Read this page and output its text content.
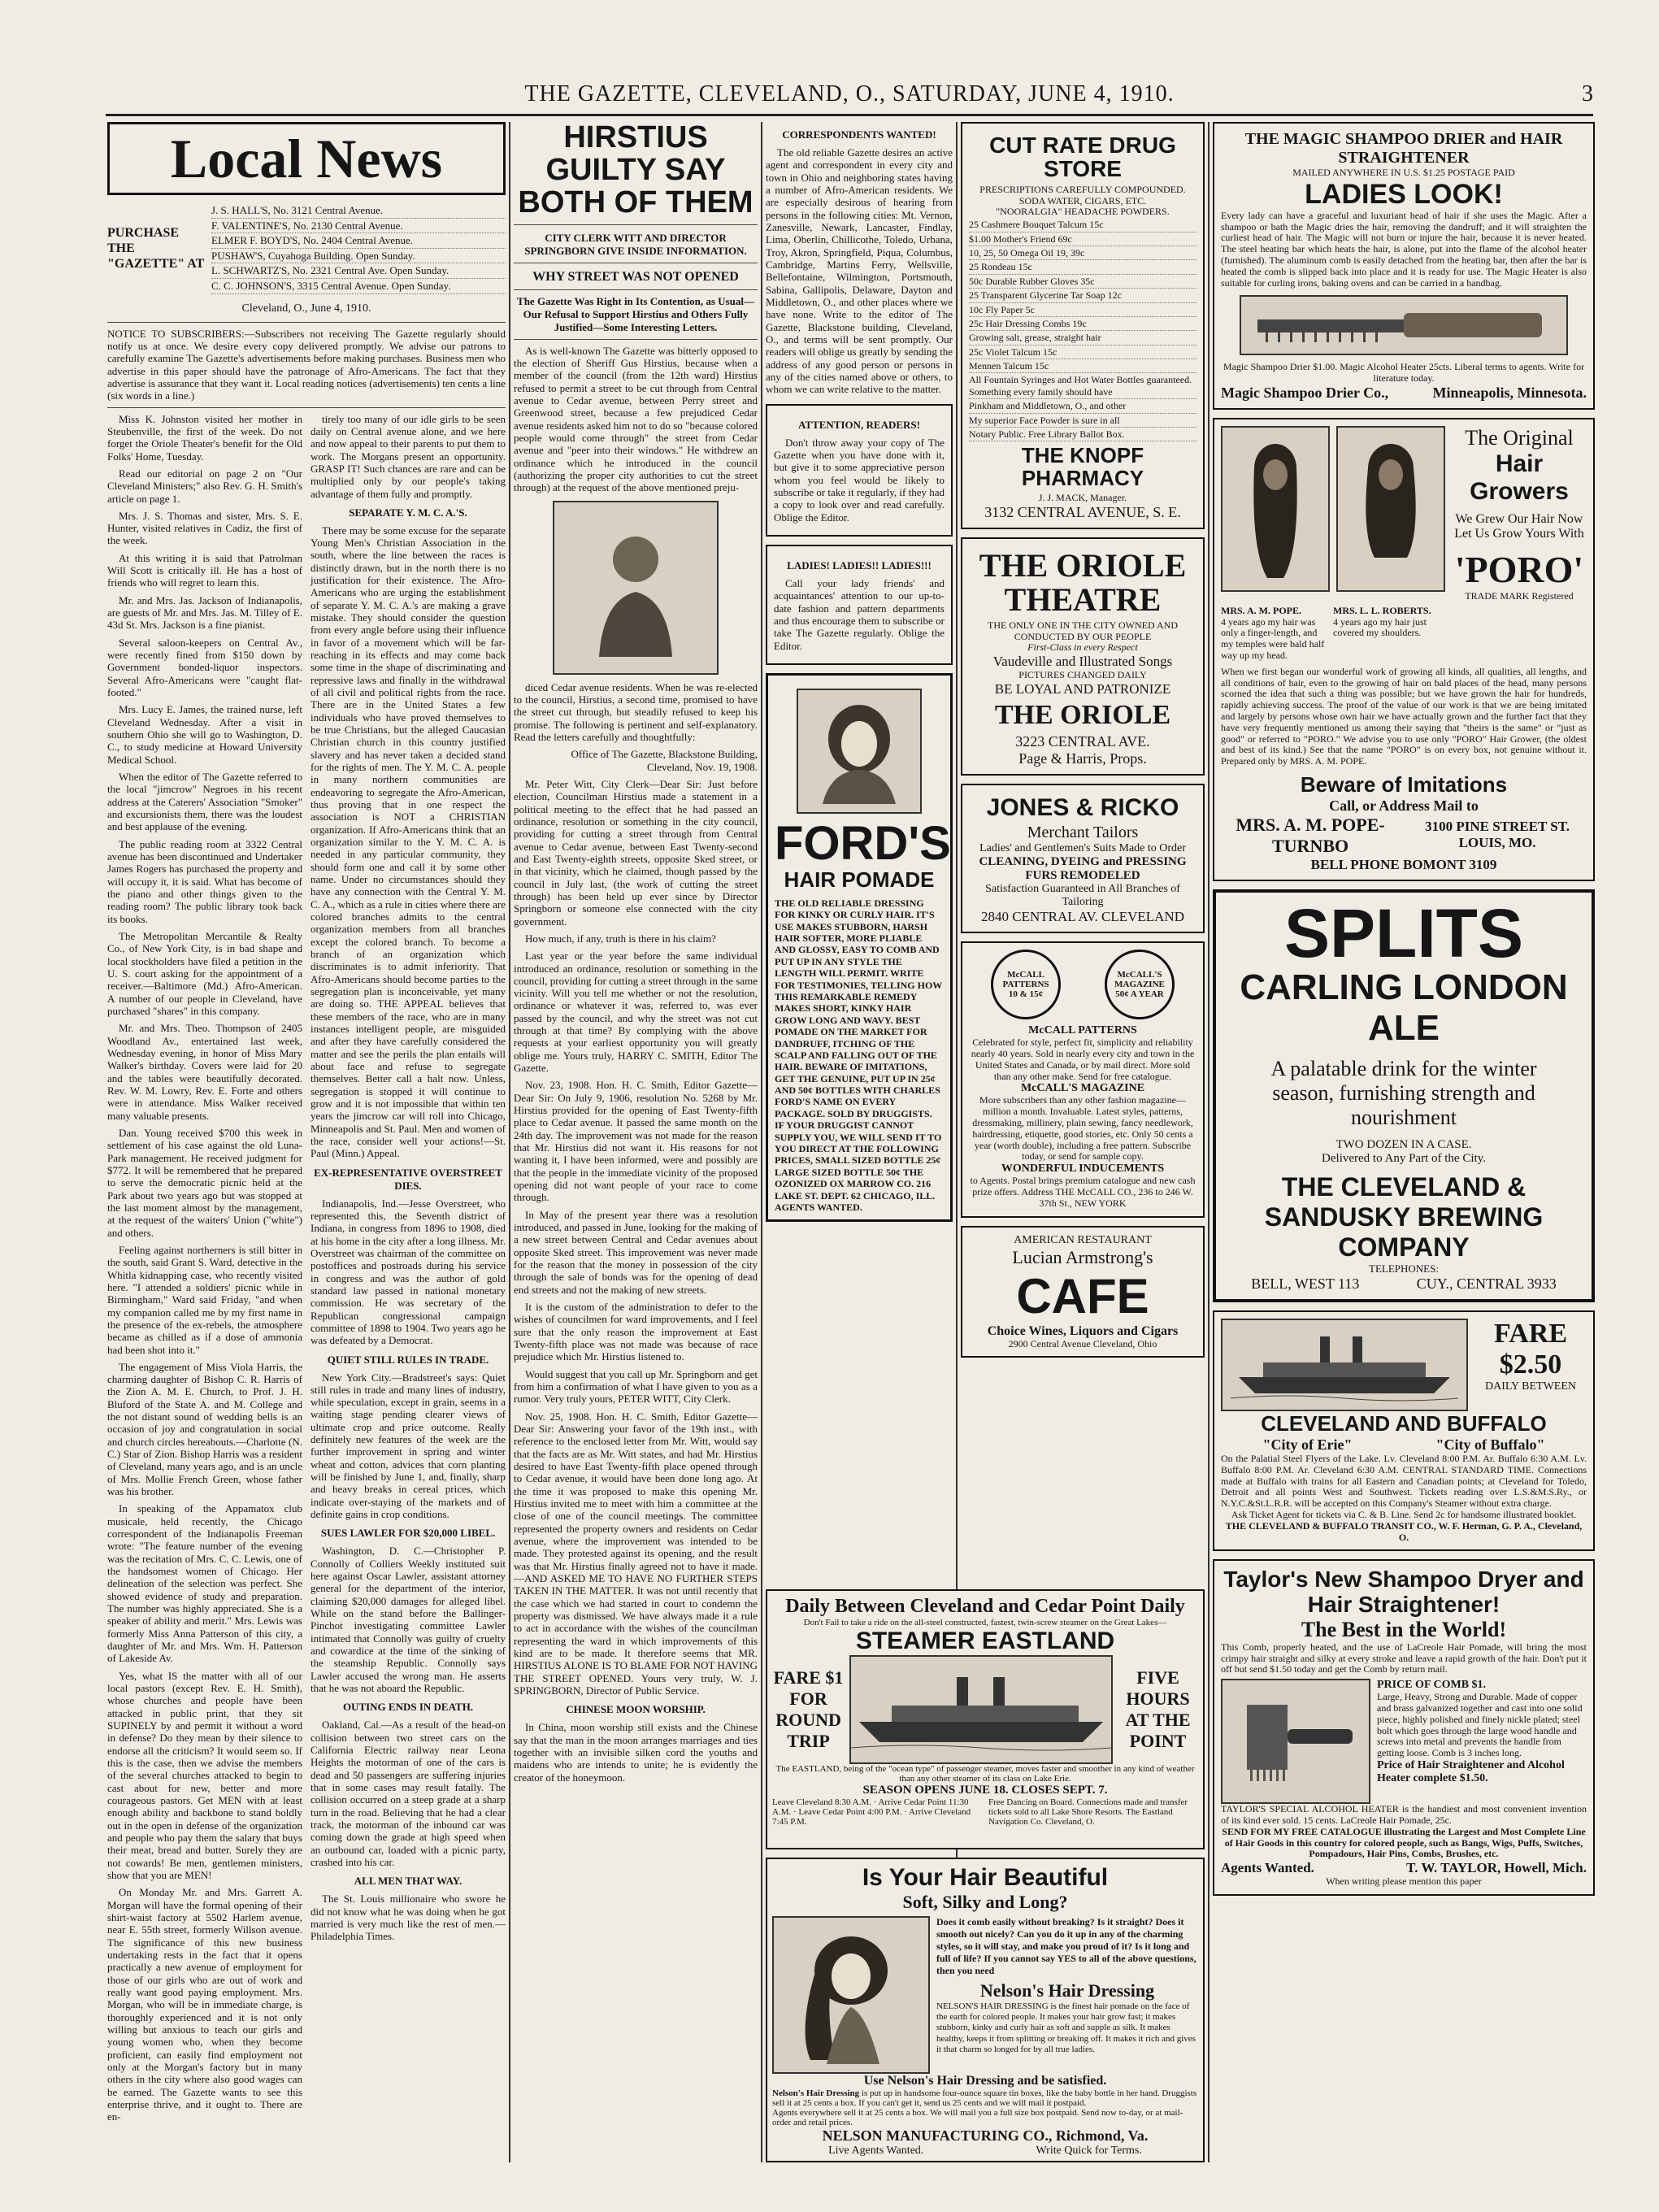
THE GAZETTE, CLEVELAND, O., SATURDAY, JUNE 4, 1910.	3
Local News
PURCHASE THE "GAZETTE" AT
J. S. HALL'S, No. 3121 Central Avenue.
F. VALENTINE'S, No. 2130 Central Avenue.
ELMER F. BOYD'S, No. 2404 Central Avenue.
PUSHAW'S, Cuyahoga Building. Open Sunday.
L. SCHWARTZ'S, No. 2321 Central Ave. Open Sunday.
C. C. JOHNSON'S, 3315 Central Avenue. Open Sunday.
Cleveland, O., June 4, 1910.

NOTICE TO SUBSCRIBERS:—Subscribers not receiving The Gazette regularly should notify us at once. We desire every copy delivered promptly. We advise our patrons to carefully examine The Gazette's advertisements before making purchases. Business men who advertise in this paper should have the patronage of Afro-Americans. The fact that they advertise is assurance that they want it. Local reading notices (advertisements) ten cents a line (six words in a line.)

Miss K. Johnston visited her mother in Steubenville, the first of the week. Do not forget the Oriole Theater's benefit for the Old Folks' Home, Tuesday.

Read our editorial on page 2 on "Our Cleveland Ministers;" also Rev. G. H. Smith's article on page 1.

Mrs. J. S. Thomas and sister, Mrs. S. E. Hunter, visited relatives in Cadiz, the first of the week.

At this writing it is said that Patrolman Will Scott is critically ill. He has a host of friends who will regret to learn this.

Mr. and Mrs. Jas. Jackson of Indianapolis, are guests of Mr. and Mrs. Jas. M. Tilley of E. 43d St. Mrs. Jackson is a fine pianist.

Several saloon-keepers on Central Av., were recently fined from $150 down by Government bonded-liquor inspectors. Several Afro-Americans were "caught flat-footed."

Mrs. Lucy E. James, the trained nurse, left Cleveland Wednesday. After a visit in southern Ohio she will go to Washington, D. C., to study medicine at Howard University Medical School.

When the editor of The Gazette referred to the local "jimcrow" Negroes in his recent address at the Caterers' Association "Smoker" and excursionists them, there was the loudest and best applause of the evening.

The public reading room at 3322 Central avenue has been discontinued and Undertaker James Rogers has purchased the property and will occupy it, it is said. What has become of the piano and other things given to the reading room? The public library took back its books.

The Metropolitan Mercantile & Realty Co., of New York City, is in bad shape and local stockholders have filed a petition in the U. S. court asking for the appointment of a receiver.—Baltimore (Md.) Afro-American. A number of our people in Cleveland, have purchased "shares" in this company.

Mr. and Mrs. Theo. Thompson of 2405 Woodland Av., entertained last week, Wednesday evening, in honor of Miss Mary Walker's birthday. Covers were laid for 20 and the tables were beautifully decorated. Rev. W. M. Lowry, Rev. E. Forte and others were in attendance. Miss Walker received many valuable presents.

Dan. Young received $700 this week in settlement of his case against the old Luna-Park management. He received judgment for $772. It will be remembered that he prepared to serve the democratic picnic held at the Park about two years ago but was stopped at the last moment almost by the management, at the request of the waiters' Union ("white") and others.

Feeling against northerners is still bitter in the south, said Grant S. Ward, detective in the Whitla kidnapping case, who recently visited here. "I attended a soldiers' picnic while in Birmingham," Ward said Friday, "and when my companion called me by my first name in the presence of the ex-rebels, the atmosphere became as chilled as if a dose of ammonia had been shot into it."

The engagement of Miss Viola Harris, the charming daughter of Bishop C. R. Harris of the Zion A. M. E. Church, to Prof. J. H. Bluford of the State A. and M. College and the not distant sound of wedding bells is an occasion of joy and congratulation in social and church circles hereabouts.—Charlotte (N. C.) Star of Zion. Bishop Harris was a resident of Cleveland, many years ago, and is an uncle of Mrs. Mollie French Green, whose father was his brother.

In speaking of the Appamatox club musicale, held recently, the Chicago correspondent of the Indianapolis Freeman wrote: "The feature number of the evening was the recitation of Mrs. C. C. Lewis, one of the handsomest women of Chicago. Her delineation of the selection was perfect. She showed evidence of study and preparation. The number was highly appreciated. She is a speaker of ability and merit." Mrs. Lewis was formerly Miss Anna Patterson of this city, a daughter of Mr. and Mrs. Wm. H. Patterson of Lakeside Av.

Yes, what IS the matter with all of our local pastors (except Rev. E. H. Smith), whose churches and people have been attacked in public print, that they sit SUPINELY by and permit it without a word in defense? Do they mean by their silence to endorse all the criticism? It would seem so. If this is the case, then we advise the members of the several churches attacked to begin to cast about for new, better and more courageous pastors. Get MEN with at least enough ability and backbone to stand boldly out in the open in defense of the organization and people who pay them the salary that buys their meat, bread and butter. Surely they are not cowards! Be men, gentlemen ministers, show that you are MEN!

On Monday Mr. and Mrs. Garrett A. Morgan will have the formal opening of their shirt-waist factory at 5502 Harlem avenue, near E. 55th street, formerly Willson avenue. The significance of this new business undertaking rests in the fact that it opens practically a new avenue of employment for those of our girls who are out of work and really want good paying employment. Mrs. Morgan, who will be in immediate charge, is thoroughly experienced and it is not only willing but anxious to teach our girls and young women who, when they become proficient, can easily find employment not only at the Morgan's factory but in many others in the city where also good wages can be earned. The Gazette wants to see this enterprise thrive, and it ought to. There are en-

tirely too many of our idle girls to be seen daily on Central avenue alone, and we here and now appeal to their parents to put them to work. The Morgans present an opportunity. GRASP IT! Such chances are rare and can be multiplied only by our people's taking advantage of them fully and promptly.

SEPARATE Y. M. C. A.'S.

There may be some excuse for the separate Young Men's Christian Association in the south, where the line between the races is distinctly drawn, but in the north there is no justification for their existence. The Afro-Americans who are urging the establishment of separate Y. M. C. A.'s are making a grave mistake. They should consider the question from every angle before using their influence in favor of a movement which will be far-reaching in its effects and may come back some time in the shape of discriminating and repressive laws and finally in the withdrawal of all civil and political rights from the race. There are in the United States a few individuals who have proved themselves to be true Christians, but the alleged Caucasian Christian church in this country justified slavery and has never taken a decided stand for the rights of men. The Y. M. C. A. people in many northern communities are endeavoring to segregate the Afro-American, thus proving that in one respect the association is NOT a CHRISTIAN organization. If Afro-Americans think that an organization similar to the Y. M. C. A. is needed in any particular community, they should form one and call it by some other name. Under no circumstances should they have any connection with the Central Y. M. C. A., which as a rule in cities where there are colored branches admits to the central organization members from all branches except the colored branch. To become a branch of an organization which discriminates is to admit inferiority. That Afro-Americans should become parties to the segregation plan is inconceivable, yet many are doing so. THE APPEAL believes that these members of the race, who are in many instances intelligent people, are misguided and after they have carefully considered the matter and see the perils the plan entails will about face and refuse to segregate themselves. Better call a halt now. Unless, segregation is stopped it will continue to grow and it is not impossible that within ten years the jimcrow car will roll into Chicago, Minneapolis and St. Paul. Men and women of the race, consider well your actions!—St. Paul (Minn.) Appeal.

EX-REPRESENTATIVE OVERSTREET DIES.

Indianapolis, Ind.—Jesse Overstreet, who represented this, the Seventh district of Indiana, in congress from 1896 to 1908, died at his home in the city after a long illness. Mr. Overstreet was chairman of the committee on postoffices and postroads during his service in congress and was the author of gold standard law passed in national monetary commission. He was secretary of the Republican congressional campaign committee of 1898 to 1904. Two years ago he was defeated by a Democrat.

QUIET STILL RULES IN TRADE.

New York City.—Bradstreet's says: Quiet still rules in trade and many lines of industry, while speculation, except in grain, seems in a waiting stage pending clearer views of ultimate crop and price outcome. Really definitely new features of the week are the further improvement in spring and winter wheat and cotton, advices that corn planting will be finished by June 1, and, finally, sharp and heavy breaks in cereal prices, which indicate over-staying of the markets and of definite gains in crop conditions.

SUES LAWLER FOR $20,000 LIBEL.

Washington, D. C.—Christopher P. Connolly of Colliers Weekly instituted suit here against Oscar Lawler, assistant attorney general for the department of the interior, claiming $20,000 damages for alleged libel. While on the stand before the Ballinger-Pinchot investigating committee Lawler intimated that Connolly was guilty of cruelty and cowardice at the time of the sinking of the steamship Republic. Connolly says Lawler accused the wrong man. He asserts that he was not aboard the Republic.

OUTING ENDS IN DEATH.

Oakland, Cal.—As a result of the head-on collision between two street cars on the California Electric railway near Leona Heights the motorman of one of the cars is dead and 50 passengers are suffering injuries that in some cases may result fatally. The collision occurred on a steep grade at a sharp turn in the road. Believing that he had a clear track, the motorman of the inbound car was coming down the grade at high speed when an outbound car, loaded with a picnic party, crashed into his car.

ALL MEN THAT WAY.

The St. Louis millionaire who swore he did not know what he was doing when he got married is very much like the rest of men.—Philadelphia Times.

HIRSTIUS GUILTY SAY BOTH OF THEM
CITY CLERK WITT AND DIRECTOR SPRINGBORN GIVE INSIDE INFORMATION.
WHY STREET WAS NOT OPENED
The Gazette Was Right in Its Contention, as Usual—Our Refusal to Support Hirstius and Others Fully Justified—Some Interesting Letters.

As is well-known The Gazette was bitterly opposed to the election of Sheriff Gus Hirstius, because when a member of the council (from the 12th ward) Hirstius refused to permit a street to be cut through from Central avenue to Cedar avenue, between Perry street and Greenwood street, because a few prejudiced Cedar avenue residents asked him not to do so "because colored people would come through" the street from Cedar avenue and "peer into their windows." He withdrew an ordinance which he introduced in the council (authorizing the proper city authorities to cut the street through) at the request of the above mentioned preju-

diced Cedar avenue residents. When he was re-elected to the council, Hirstius, a second time, promised to have the street cut through, but steadily refused to keep his promise. The following is pertinent and self-explanatory. Read the letters carefully and thoughtfully:

Office of The Gazette, Blackstone Building, Cleveland, Nov. 19, 1908.

Mr. Peter Witt, City Clerk—Dear Sir: Just before election, Councilman Hirstius made a statement in a political meeting to the effect that he had passed an ordinance, resolution or something in the city council, providing for cutting a street through from Central avenue to Cedar avenue, between East Twenty-second and East Twenty-eighth streets, opposite Sked street, or in that vicinity, which he claimed, though passed by the council in July last, (the work of cutting the street through) has been held up ever since by Director Springborn or someone else connected with the city government.

How much, if any, truth is there in his claim?

Last year or the year before the same individual introduced an ordinance, resolution or something in the council, providing for cutting a street through in the same vicinity. Will you tell me whether or not the resolution, ordinance or whatever it was, referred to, was ever passed by the council, and why the street was not cut through at that time? By complying with the above requests at your earliest opportunity you will greatly oblige me. Yours truly, HARRY C. SMITH, Editor The Gazette.

Nov. 23, 1908. Hon. H. C. Smith, Editor Gazette—Dear Sir: On July 9, 1906, resolution No. 5268 by Mr. Hirstius provided for the opening of East Twenty-fifth place to Cedar avenue. It passed the same month on the 24th day. The improvement was not made for the reason that Mr. Hirstius did not want it. His reasons for not wanting it, I have been informed, were and possibly are that the people in the immediate vicinity of the proposed opening did not want people of your race to come through.

In May of the present year there was a resolution introduced, and passed in June, looking for the making of a new street between Central and Cedar avenues about opposite Sked street. This improvement was never made for the reason that the money in possession of the city through the sale of bonds was for the opening of dead end streets and not the making of new streets.

It is the custom of the administration to defer to the wishes of councilmen for ward improvements, and I feel sure that the only reason the improvement at East Twenty-fifth place was not made was because of race prejudice which Mr. Hirstius listened to.

Would suggest that you call up Mr. Springborn and get from him a confirmation of what I have given to you as a rumor. Very truly yours, PETER WITT, City Clerk.

Nov. 25, 1908. Hon. H. C. Smith, Editor Gazette—Dear Sir: Answering your favor of the 19th inst., with reference to the enclosed letter from Mr. Witt, would say that the facts are as Mr. Witt states, and had Mr. Hirstius desired to have East Twenty-fifth place opened through to Cedar avenue, it would have been done long ago. At the time it was proposed to make this opening Mr. Hirstius invited me to meet with him a committee at the close of one of the council meetings. The committee represented the property owners and residents on Cedar avenue, where the improvement was intended to be made. They protested against its opening, and the result was that Mr. Hirstius finally agreed not to have it made.—AND ASKED ME TO HAVE NO FURTHER STEPS TAKEN IN THE MATTER. It was not until recently that the case which we had started in court to condemn the property was dismissed. We have always made it a rule to act in accordance with the wishes of the councilman representing the ward in which improvements of this kind are to be made. It therefore seems that MR. HIRSTIUS ALONE IS TO BLAME FOR NOT HAVING THE STREET OPENED. Yours very truly, W. J. SPRINGBORN, Director of Public Service.

CHINESE MOON WORSHIP.

In China, moon worship still exists and the Chinese say that the man in the moon arranges marriages and ties together with an invisible silken cord the youths and maidens who are intends to unite; he is evidently the creator of the honeymoon.

CORRESPONDENTS WANTED!

The old reliable Gazette desires an active agent and correspondent in every city and town in Ohio and neighboring states having a number of Afro-American residents. We are especially desirous of hearing from persons in the following cities: Mt. Vernon, Zanesville, Newark, Lancaster, Findlay, Lima, Oberlin, Chillicothe, Toledo, Urbana, Troy, Akron, Springfield, Piqua, Columbus, Cambridge, Martins Ferry, Wellsville, Bellefontaine, Wilmington, Portsmouth, Sabina, Gallipolis, Delaware, Dayton and Middletown, O., and other places where we have none. Write to the editor of The Gazette, Blackstone building, Cleveland, O., and terms will be sent promptly. Our readers will oblige us greatly by sending the address of any good person or persons in any of the cities named above or others, to whom we can write relative to the matter.

ATTENTION, READERS!

Don't throw away your copy of The Gazette when you have done with it, but give it to some appreciative person whom you feel would be likely to subscribe or take it regularly, if they had a copy to look over and read carefully. Oblige the Editor.

LADIES! LADIES!! LADIES!!!

Call your lady friends' and acquaintances' attention to our up-to-date fashion and pattern departments and thus encourage them to subscribe or take The Gazette regularly. Oblige the Editor.

FORD'S
HAIR POMADE
THE OLD RELIABLE DRESSING FOR KINKY OR CURLY HAIR. IT'S USE MAKES STUBBORN, HARSH HAIR SOFTER, MORE PLIABLE AND GLOSSY, EASY TO COMB AND PUT UP IN ANY STYLE THE LENGTH WILL PERMIT. WRITE FOR TESTIMONIES, TELLING HOW THIS REMARKABLE REMEDY MAKES SHORT, KINKY HAIR GROW LONG AND WAVY. BEST POMADE ON THE MARKET FOR DANDRUFF, ITCHING OF THE SCALP AND FALLING OUT OF THE HAIR. BEWARE OF IMITATIONS, GET THE GENUINE, PUT UP IN 25¢ AND 50¢ BOTTLES WITH CHARLES FORD'S NAME ON EVERY PACKAGE. SOLD BY DRUGGISTS. IF YOUR DRUGGIST CANNOT SUPPLY YOU, WE WILL SEND IT TO YOU DIRECT AT THE FOLLOWING PRICES, SMALL SIZED BOTTLE 25¢ LARGE SIZED BOTTLE 50¢ THE OZONIZED OX MARROW CO. 216 LAKE ST. DEPT. 62 CHICAGO, ILL. AGENTS WANTED.
CUT RATE DRUG STORE
PRESCRIPTIONS CAREFULLY COMPOUNDED.
SODA WATER, CIGARS, ETC.
"NOORALGIA" HEADACHE POWDERS.
25 Cashmere Bouquet Talcum 15c
$1.00 Mother's Friend 69c
10, 25, 50 Omega Oil 19, 39c
25 Rondeau 15c
50c Durable Rubber Gloves 35c
25 Transparent Glycerine Tar Soap 12c
10c Fly Paper 5c
25c Hair Dressing Combs 19c
Growing salt, grease, straight hair
25c Violet Talcum 15c
Mennen Talcum 15c
All Fountain Syringes and Hot Water Bottles guaranteed. Something every family should have
Pinkham and Middletown, O., and other
My superior Face Powder is sure in all
Notary Public. Free Library Ballot Box.
THE KNOPF PHARMACY
J. J. MACK, Manager.
3132 CENTRAL AVENUE, S. E.
THE ORIOLE THEATRE
THE ONLY ONE IN THE CITY OWNED AND CONDUCTED BY OUR PEOPLE
First-Class in every Respect
Vaudeville and Illustrated Songs
PICTURES CHANGED DAILY
BE LOYAL AND PATRONIZE
THE ORIOLE
3223 CENTRAL AVE.
Page & Harris, Props.
JONES & RICKO
Merchant Tailors
Ladies' and Gentlemen's Suits Made to Order
CLEANING, DYEING and PRESSING FURS REMODELED
Satisfaction Guaranteed in All Branches of Tailoring
2840 CENTRAL AV. CLEVELAND
McCALL PATTERNS 10 & 15¢
McCALL'S MAGAZINE 50¢ A YEAR
McCALL PATTERNS
Celebrated for style, perfect fit, simplicity and reliability nearly 40 years. Sold in nearly every city and town in the United States and Canada, or by mail direct. More sold than any other make. Send for free catalogue.
McCALL'S MAGAZINE
More subscribers than any other fashion magazine—million a month. Invaluable. Latest styles, patterns, dressmaking, millinery, plain sewing, fancy needlework, hairdressing, etiquette, good stories, etc. Only 50 cents a year (worth double), including a free pattern. Subscribe today, or send for sample copy.
WONDERFUL INDUCEMENTS
to Agents. Postal brings premium catalogue and new cash prize offers. Address THE McCALL CO., 236 to 246 W. 37th St., NEW YORK
AMERICAN RESTAURANT
Lucian Armstrong's
CAFE
Choice Wines, Liquors and Cigars
2900 Central Avenue Cleveland, Ohio
THE MAGIC SHAMPOO DRIER and HAIR STRAIGHTENER
MAILED ANYWHERE IN U.S. $1.25 POSTAGE PAID
LADIES LOOK!
Every lady can have a graceful and luxuriant head of hair if she uses the Magic. After a shampoo or bath the Magic dries the hair, removing the dandruff; and it will straighten the curliest head of hair. The Magic will not burn or injure the hair, because it is never heated. The steel heating bar which heats the hair, is alone, put into the flame of the alcohol heater (furnished). The aluminum comb is easily detached from the heating bar, then after the bar is heated the comb is slipped back into place and it is ready for use. The Magic Heater is also suitable for curling irons, baking ovens and can be carried in a handbag.
Magic Shampoo Drier $1.00. Magic Alcohol Heater 25cts. Liberal terms to agents. Write for literature today.
Magic Shampoo Drier Co.,	Minneapolis, Minnesota.
The Original
Hair Growers
We Grew Our Hair Now Let Us Grow Yours With
'PORO'
TRADE MARK Registered
MRS. A. M. POPE.
4 years ago my hair was only a finger-length, and my temples were bald half way up my head.
MRS. L. L. ROBERTS.
4 years ago my hair just covered my shoulders.
When we first began our wonderful work of growing all kinds, all qualities, all lengths, and all conditions of hair, even to the growing of hair on bald places of the head, many persons scorned the idea that such a thing was possible; but we have grown the hair for hundreds, rapidly achieving success. The proof of the value of our work is that we are being imitated and largely by persons whose own hair we have actually grown and the further fact that they have very frequently mentioned us among their saying that "theirs is the same" or "just as good" or referred to "PORO." We advise you to use only "PORO" Hair Grower, (the oldest and best of its kind.) See that the name "PORO" is on every box, not genuine without it. Prepared only by MRS. A. M. POPE.
Beware of Imitations
Call, or Address Mail to
MRS. A. M. POPE-TURNBO
3100 PINE STREET ST. LOUIS, MO.
BELL PHONE BOMONT 3109
SPLITS
CARLING LONDON ALE
A palatable drink for the winter season, furnishing strength and nourishment
TWO DOZEN IN A CASE.
Delivered to Any Part of the City.
THE CLEVELAND & SANDUSKY BREWING COMPANY
TELEPHONES:
BELL, WEST 113	CUY., CENTRAL 3933
FARE $2.50
DAILY BETWEEN
CLEVELAND AND BUFFALO
"City of Erie"	"City of Buffalo"
On the Palatial Steel Flyers of the Lake. Lv. Cleveland 8:00 P.M. Ar. Buffalo 6:30 A.M. Lv. Buffalo 8:00 P.M. Ar. Cleveland 6:30 A.M. CENTRAL STANDARD TIME. Connections made at Buffalo with trains for all Eastern and Canadian points; at Cleveland for Toledo, Detroit and all points West and Southwest. Tickets reading over L.S.&M.S.Ry., or N.Y.C.&St.L.R.R. will be accepted on this Company's Steamer without extra charge.
Ask Ticket Agent for tickets via C. & B. Line. Send 2c for handsome illustrated booklet.
THE CLEVELAND & BUFFALO TRANSIT CO., W. F. Herman, G. P. A., Cleveland, O.
Taylor's New Shampoo Dryer and Hair Straightener!
The Best in the World!
This Comb, properly heated, and the use of LaCreole Hair Pomade, will bring the most crimpy hair straight and silky at every stroke and leave a rapid growth of the hair. Don't put it off but send $1.50 today and get the Comb by return mail.
PRICE OF COMB $1.
Large, Heavy, Strong and Durable. Made of copper and brass galvanized together and cast into one solid piece, highly polished and finely nickle plated; steel bolt which goes through the large wood handle and screws into metal and prevents the handle from getting loose. Comb is 3 inches long.
Price of Hair Straightener and Alcohol Heater complete $1.50.
TAYLOR'S SPECIAL ALCOHOL HEATER is the handiest and most convenient invention of its kind ever sold. 15 cents. LaCreole Hair Pomade, 25c.
SEND FOR MY FREE CATALOGUE illustrating the Largest and Most Complete Line of Hair Goods in this country for colored people, such as Bangs, Wigs, Puffs, Switches, Pompadours, Hair Pins, Combs, Brushes, etc.
Agents Wanted.	T. W. TAYLOR, Howell, Mich.
When writing please mention this paper
Daily Between Cleveland and Cedar Point Daily
Don't Fail to take a ride on the all-steel constructed, fastest, twin-screw steamer on the Great Lakes—
STEAMER EASTLAND
FARE $1 FOR ROUND TRIP
FIVE HOURS AT THE POINT
The EASTLAND, being of the "ocean type" of passenger steamer, moves faster and smoother in any kind of weather than any other steamer of its class on Lake Erie.
SEASON OPENS JUNE 18. CLOSES SEPT. 7.
Leave Cleveland 8:30 A.M. · Arrive Cedar Point 11:30 A.M. · Leave Cedar Point 4:00 P.M. · Arrive Cleveland 7:45 P.M.
Free Dancing on Board. Connections made and transfer tickets sold to all Lake Shore Resorts. The Eastland Navigation Co. Cleveland, O.
Is Your Hair Beautiful
Soft, Silky and Long?
Does it comb easily without breaking? Is it straight? Does it smooth out nicely? Can you do it up in any of the charming styles, so it will stay, and make you proud of it? Is it long and full of life? If you cannot say YES to all of the above questions, then you need
Nelson's Hair Dressing
NELSON'S HAIR DRESSING is the finest hair pomade on the face of the earth for colored people. It makes your hair grow fast; it makes stubborn, kinky and curly hair as soft and supple as silk. It makes healthy, keeps it from splitting or breaking off. It makes it rich and gives it that charm so longed for by all true ladies.
Use Nelson's Hair Dressing and be satisfied.
Nelson's Hair Dressing is put up in handsome four-ounce square tin boxes, like the baby bottle in her hand. Druggists sell it at 25 cents a box. If you can't get it, send us 25 cents and we will mail it postpaid.
Agents everywhere sell it at 25 cents a box. We will mail you a full size box postpaid. Send now to-day, or at mail-order and retail prices.
NELSON MANUFACTURING CO., Richmond, Va.
Live Agents Wanted.	Write Quick for Terms.
